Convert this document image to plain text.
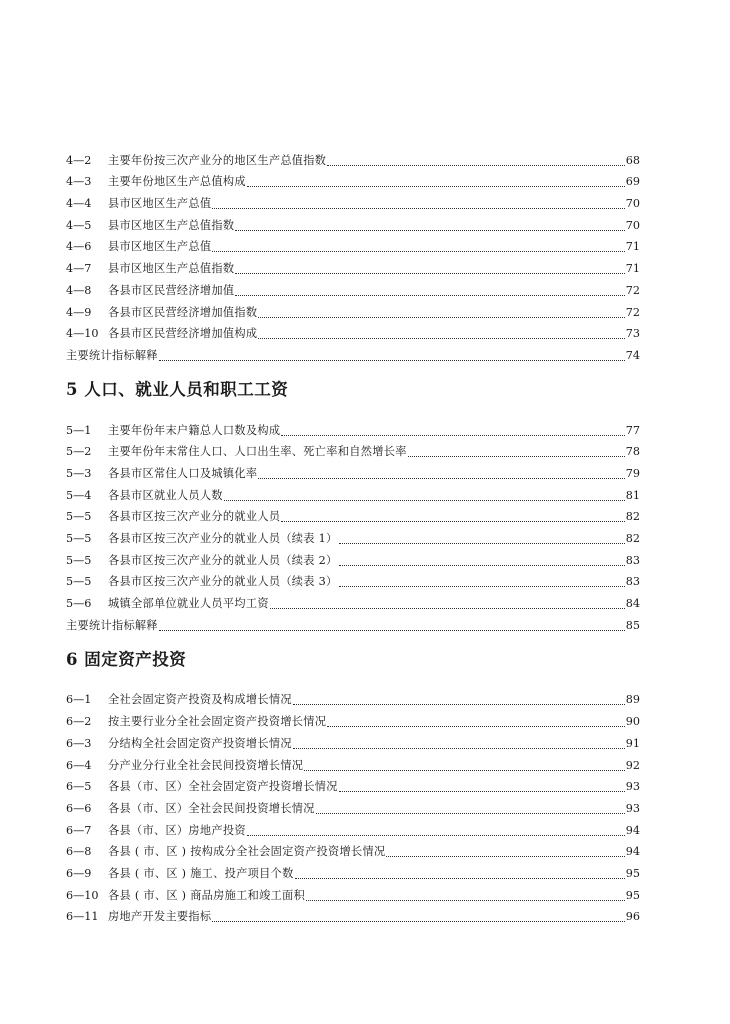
4—2	主要年份按三次产业分的地区生产总值指数	68
4—3	主要年份地区生产总值构成	69
4—4	县市区地区生产总值	70
4—5	县市区地区生产总值指数	70
4—6	县市区地区生产总值	71
4—7	县市区地区生产总值指数	71
4—8	各县市区民营经济增加值	72
4—9	各县市区民营经济增加值指数	72
4—10 各县市区民营经济增加值构成	73
主要统计指标解释	74
5 人口、就业人员和职工工资
5—1	主要年份年末户籍总人口数及构成	77
5—2	主要年份年末常住人口、人口出生率、死亡率和自然增长率	78
5—3	各县市区常住人口及城镇化率	79
5—4	各县市区就业人员人数	81
5—5	各县市区按三次产业分的就业人员	82
5—5	各县市区按三次产业分的就业人员（续表 1）	82
5—5	各县市区按三次产业分的就业人员（续表 2）	83
5—5	各县市区按三次产业分的就业人员（续表 3）	83
5—6	城镇全部单位就业人员平均工资	84
主要统计指标解释	85
6 固定资产投资
6—1	全社会固定资产投资及构成增长情况	89
6—2	按主要行业分全社会固定资产投资增长情况	90
6—3	分结构全社会固定资产投资增长情况	91
6—4	分产业分行业全社会民间投资增长情况	92
6—5	各县（市、区）全社会固定资产投资增长情况	93
6—6	各县（市、区）全社会民间投资增长情况	93
6—7	各县（市、区）房地产投资	94
6—8	各县 ( 市、区 ) 按构成分全社会固定资产投资增长情况	94
6—9	各县 ( 市、区 ) 施工、投产项目个数	95
6—10 各县 ( 市、区 ) 商品房施工和竣工面积	95
6—11 房地产开发主要指标	96
